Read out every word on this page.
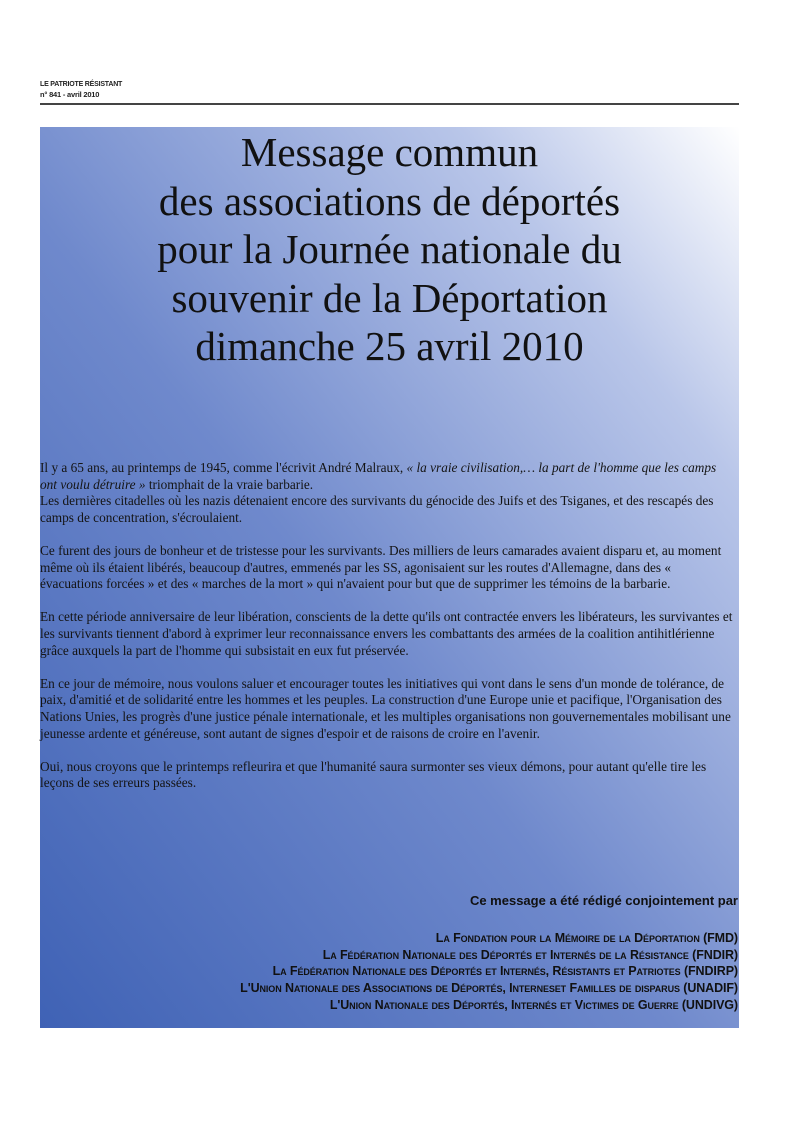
LE PATRIOTE RÉSISTANT
n° 841 - avril 2010
Message commun
des associations de déportés
pour la Journée nationale du
souvenir de la Déportation
dimanche 25 avril 2010

Il y a 65 ans, au printemps de 1945, comme l'écrivit André Malraux, « la vraie civilisation,… la part de l'homme que les camps ont voulu détruire » triomphait de la vraie barbarie.
Les dernières citadelles où les nazis détenaient encore des survivants du génocide des Juifs et des Tsiganes, et des rescapés des camps de concentration, s'écroulaient.

Ce furent des jours de bonheur et de tristesse pour les survivants. Des milliers de leurs camarades avaient disparu et, au moment même où ils étaient libérés, beaucoup d'autres, emmenés par les SS, agonisaient sur les routes d'Allemagne, dans des « évacuations forcées » et des « marches de la mort » qui n'avaient pour but que de supprimer les témoins de la barbarie.

En cette période anniversaire de leur libération, conscients de la dette qu'ils ont contractée envers les libérateurs, les survivantes et les survivants tiennent d'abord à exprimer leur reconnaissance envers les combattants des armées de la coalition antihitlérienne grâce auxquels la part de l'homme qui subsistait en eux fut préservée.

En ce jour de mémoire, nous voulons saluer et encourager toutes les initiatives qui vont dans le sens d'un monde de tolérance, de paix, d'amitié et de solidarité entre les hommes et les peuples. La construction d'une Europe unie et pacifique, l'Organisation des Nations Unies, les progrès d'une justice pénale internationale, et les multiples organisations non gouvernementales mobilisant une jeunesse ardente et généreuse, sont autant de signes d'espoir et de raisons de croire en l'avenir.

Oui, nous croyons que le printemps refleurira et que l'humanité saura surmonter ses vieux démons, pour autant qu'elle tire les leçons de ses erreurs passées.

Ce message a été rédigé conjointement par
La Fondation pour la Mémoire de la Déportation (FMD)
La Fédération Nationale des Déportés et Internés de la Résistance (FNDIR)
La Fédération Nationale des Déportés et Internés, Résistants et Patriotes (FNDIRP)
L'Union Nationale des Associations de Déportés, Interneset Familles de disparus (UNADIF)
L'Union Nationale des Déportés, Internés et Victimes de Guerre (UNDIVG)
